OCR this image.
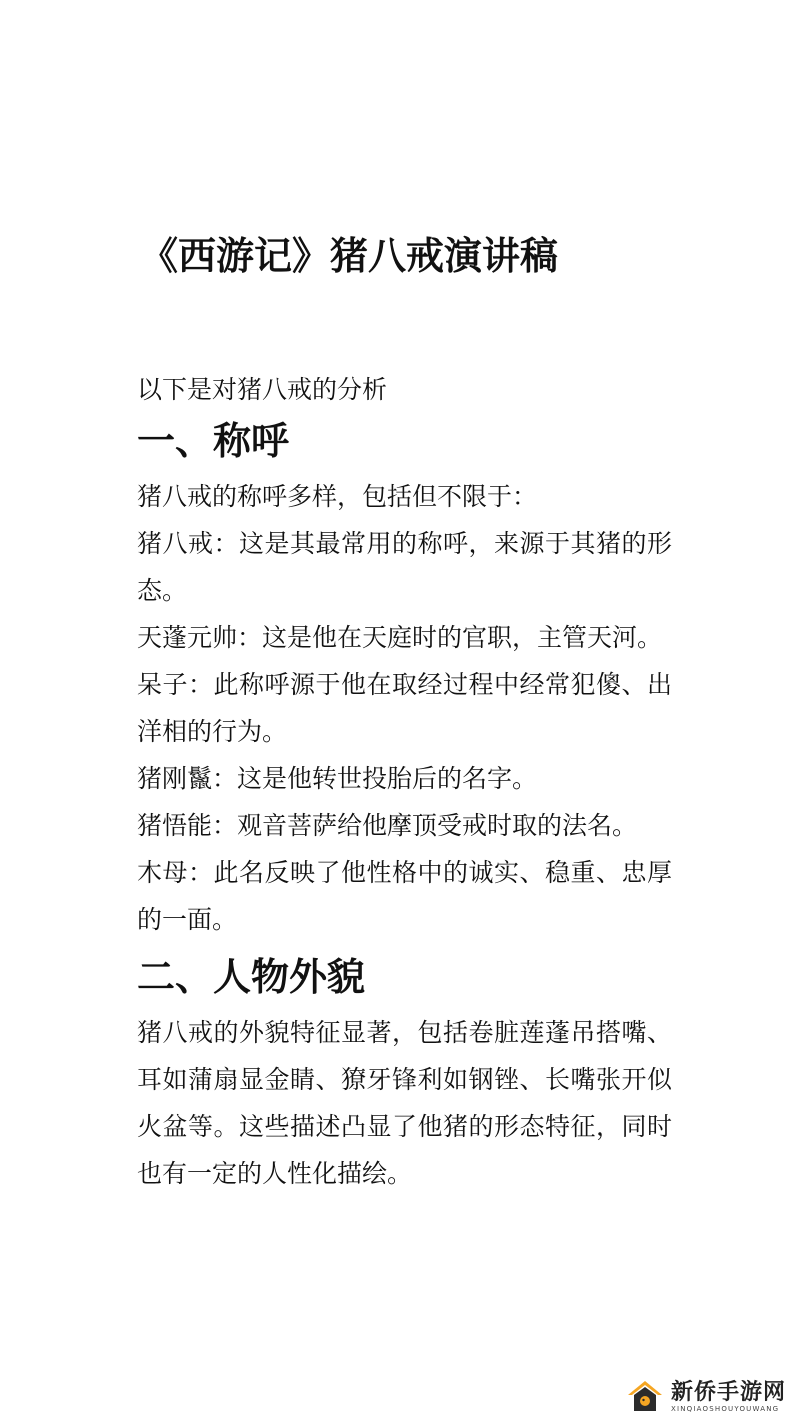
《西游记》猪八戒演讲稿

以下是对猪八戒的分析

一、称呼

猪八戒的称呼多样，包括但不限于：

猪八戒：这是其最常用的称呼，来源于其猪的形态。

天蓬元帅：这是他在天庭时的官职，主管天河。

呆子：此称呼源于他在取经过程中经常犯傻、出洋相的行为。

猪刚鬣：这是他转世投胎后的名字。

猪悟能：观音菩萨给他摩顶受戒时取的法名。

木母：此名反映了他性格中的诚实、稳重、忠厚的一面。

二、人物外貌

猪八戒的外貌特征显著，包括卷脏莲蓬吊搭嘴、耳如蒲扇显金睛、獠牙锋利如钢锉、长嘴张开似火盆等。这些描述凸显了他猪的形态特征，同时也有一定的人性化描绘。

新侨手游网
XINQIAOSHOUYOUWANG
